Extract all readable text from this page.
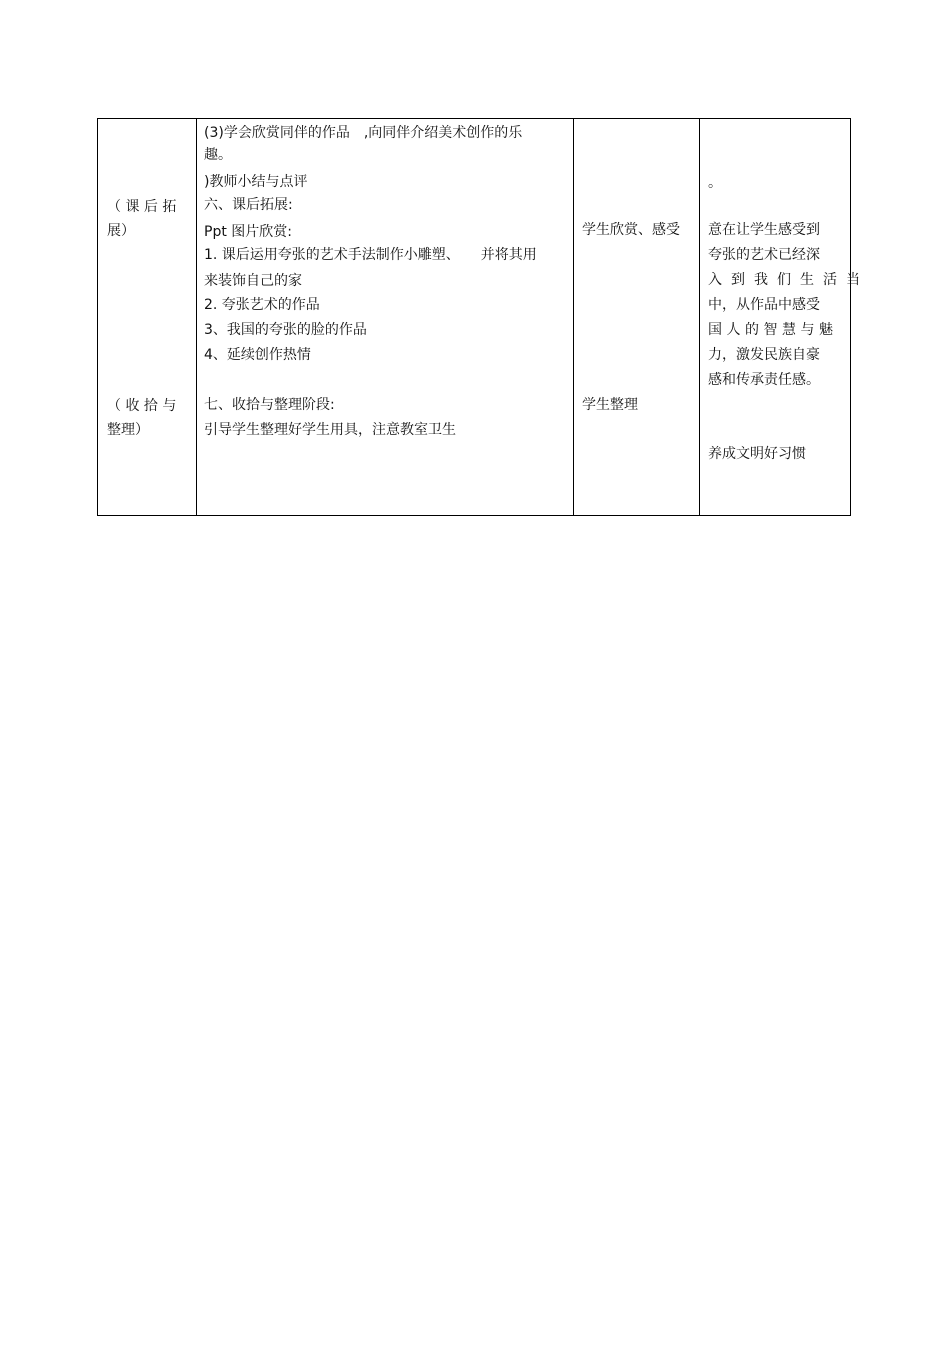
（ 课 后 拓
展）
（ 收 拾 与
整理）
(3)学会欣赏同伴的作品　,向同伴介绍美术创作的乐
趣。
)教师小结与点评
六、课后拓展:
Ppt 图片欣赏:
1. 课后运用夸张的艺术手法制作小雕塑、　　并将其用
来装饰自己的家
2. 夸张艺术的作品
3、我国的夸张的脸的作品
4、延续创作热情
七、收拾与整理阶段:
引导学生整理好学生用具，注意教室卫生
学生欣赏、感受
学生整理
。
意在让学生感受到
夸张的艺术已经深
入到我们生活当
中，从作品中感受
国人的智慧与魅
力，激发民族自豪
感和传承责任感。
养成文明好习惯
